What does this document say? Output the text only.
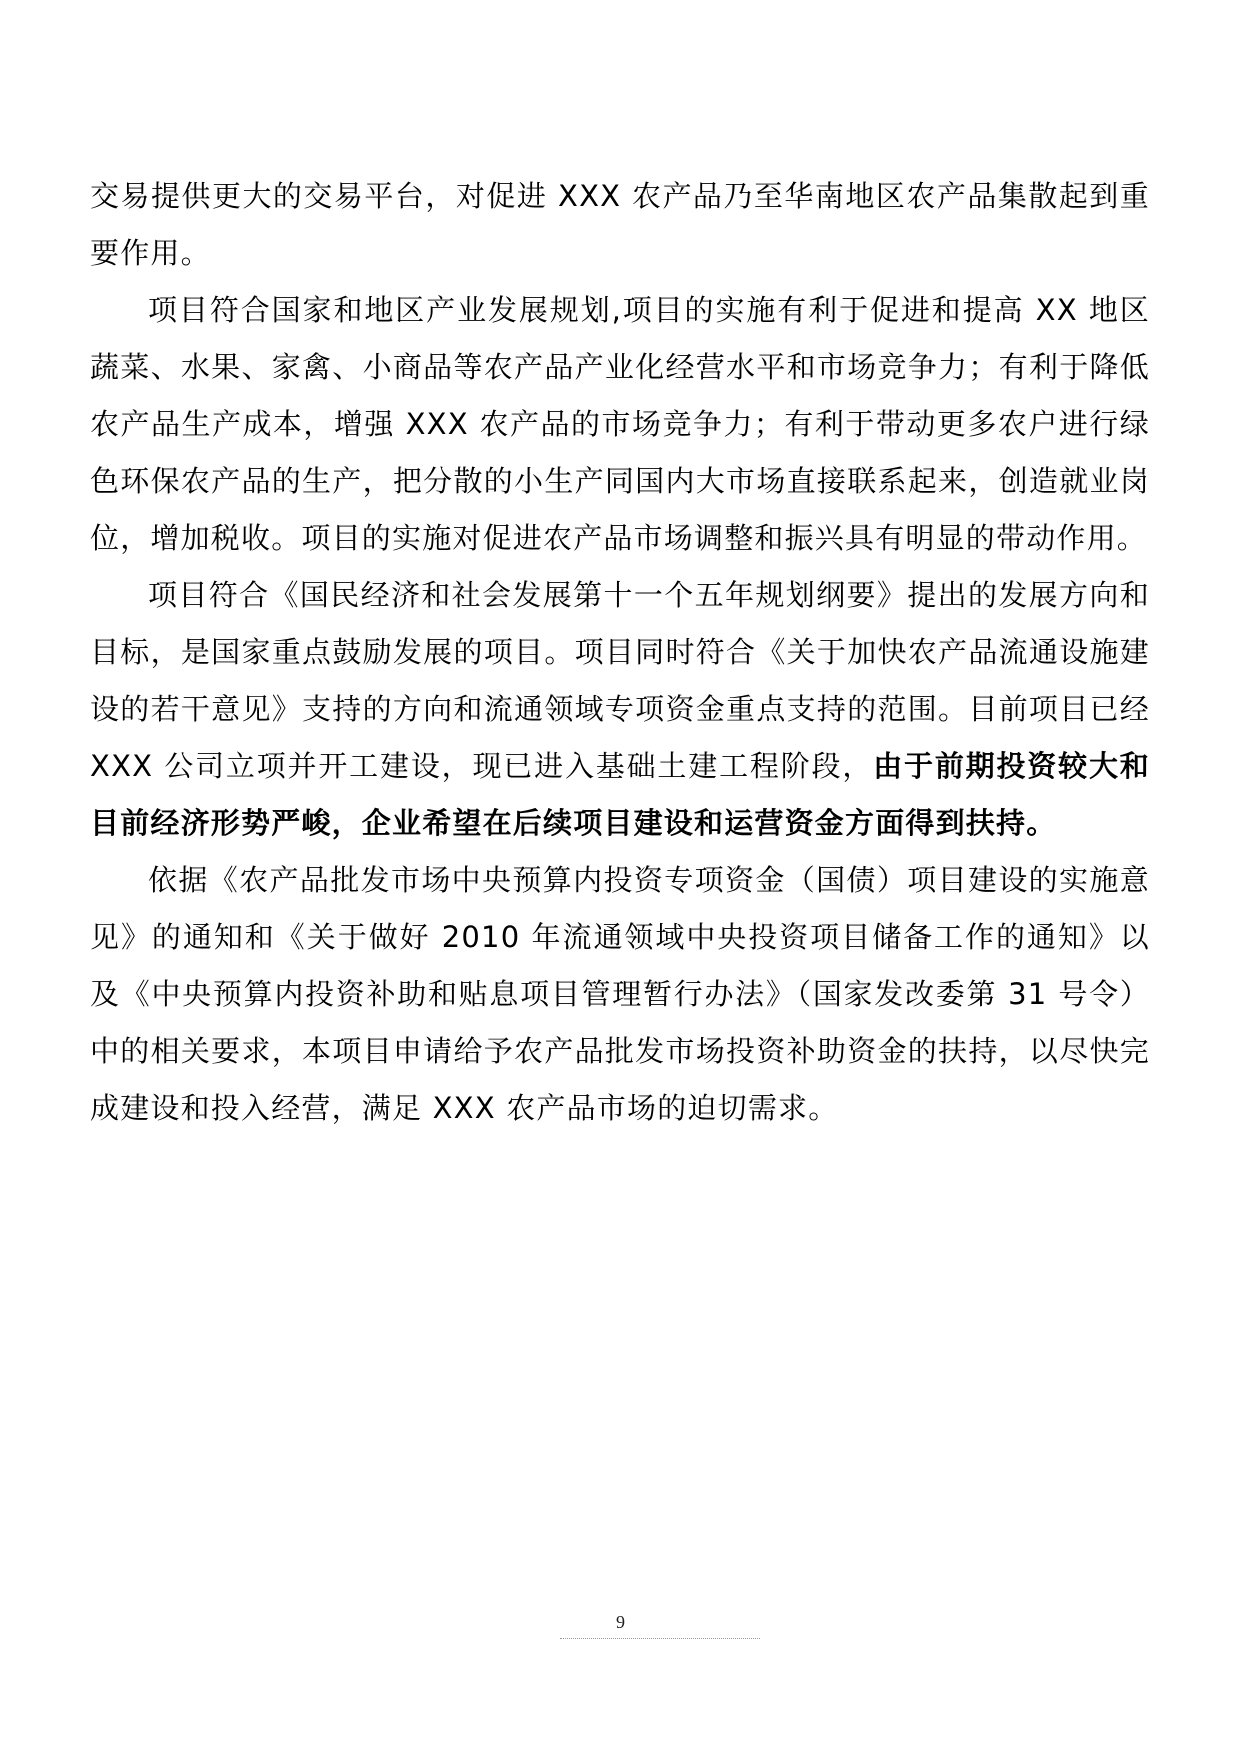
交易提供更大的交易平台，对促进 XXX 农产品乃至华南地区农产品集散起到重要作用。

项目符合国家和地区产业发展规划,项目的实施有利于促进和提高 XX 地区蔬菜、水果、家禽、小商品等农产品产业化经营水平和市场竞争力；有利于降低农产品生产成本，增强 XXX 农产品的市场竞争力；有利于带动更多农户进行绿色环保农产品的生产，把分散的小生产同国内大市场直接联系起来，创造就业岗位，增加税收。项目的实施对促进农产品市场调整和振兴具有明显的带动作用。

项目符合《国民经济和社会发展第十一个五年规划纲要》提出的发展方向和目标，是国家重点鼓励发展的项目。项目同时符合《关于加快农产品流通设施建设的若干意见》支持的方向和流通领域专项资金重点支持的范围。目前项目已经 XXX 公司立项并开工建设，现已进入基础土建工程阶段，由于前期投资较大和目前经济形势严峻，企业希望在后续项目建设和运营资金方面得到扶持。

依据《农产品批发市场中央预算内投资专项资金（国债）项目建设的实施意见》的通知和《关于做好 2010 年流通领域中央投资项目储备工作的通知》以及《中央预算内投资补助和贴息项目管理暂行办法》（国家发改委第 31 号令）中的相关要求，本项目申请给予农产品批发市场投资补助资金的扶持，以尽快完成建设和投入经营，满足 XXX 农产品市场的迫切需求。

9
